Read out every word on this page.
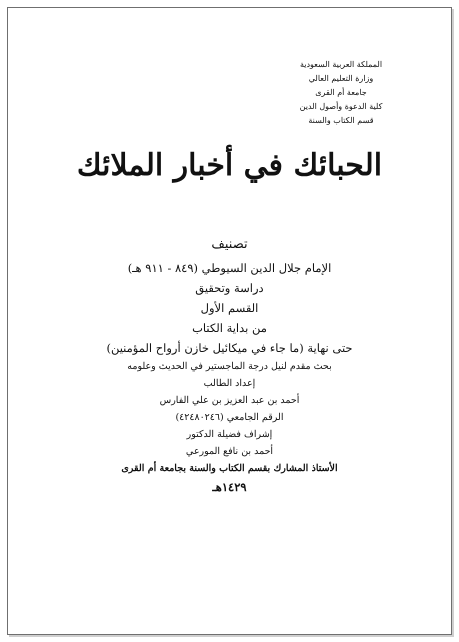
المملكة العربية السعودية
وزارة التعليم العالي
جامعة أم القرى
كلية الدعوة وأصول الدين
قسم الكتاب والسنة
الحبائك في أخبار الملائك
تصنيف
الإمام جلال الدين السيوطي (٨٤٩ - ٩١١ هـ)
دراسة وتحقيق
القسم الأول
من بداية الكتاب
حتى نهاية (ما جاء في ميكائيل خازن أرواح المؤمنين)
بحث مقدم لنيل درجة الماجستير في الحديث وعلومه
إعداد الطالب
أحمد بن عبد العزيز بن علي الفارس
الرقم الجامعي (٤٢٤٨٠٢٤٦)
إشراف فضيلة الدكتور
أحمد بن نافع المورعي
الأستاذ المشارك بقسم الكتاب والسنة بجامعة أم القرى
١٤٢٩هـ
